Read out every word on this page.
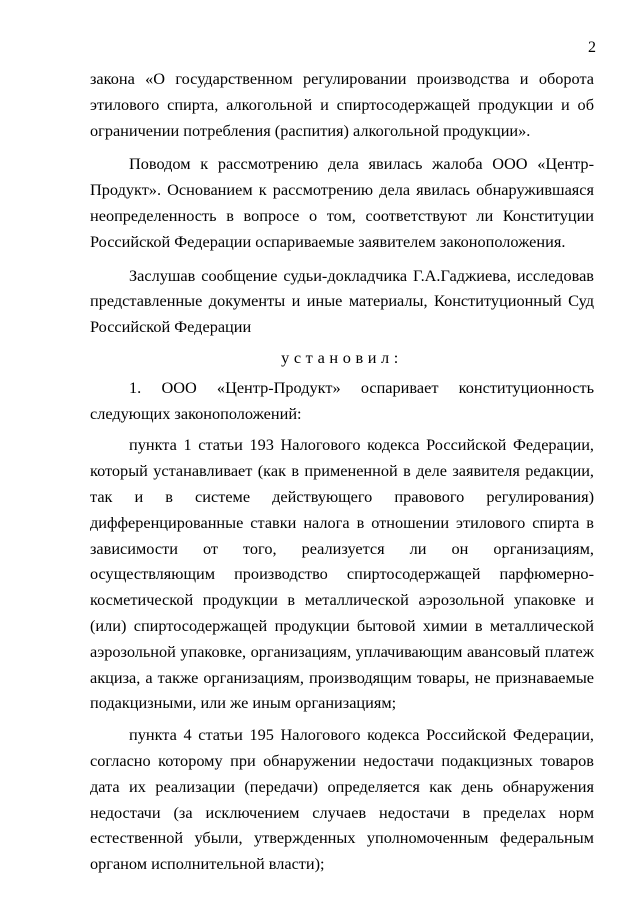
2

закона «О государственном регулировании производства и оборота этилового спирта, алкогольной и спиртосодержащей продукции и об ограничении потребления (распития) алкогольной продукции».

Поводом к рассмотрению дела явилась жалоба ООО «Центр-Продукт». Основанием к рассмотрению дела явилась обнаружившаяся неопределенность в вопросе о том, соответствуют ли Конституции Российской Федерации оспариваемые заявителем законоположения.

Заслушав сообщение судьи-докладчика Г.А.Гаджиева, исследовав представленные документы и иные материалы, Конституционный Суд Российской Федерации

установил:

1. ООО «Центр-Продукт» оспаривает конституционность следующих законоположений:

пункта 1 статьи 193 Налогового кодекса Российской Федерации, который устанавливает (как в примененной в деле заявителя редакции, так и в системе действующего правового регулирования) дифференцированные ставки налога в отношении этилового спирта в зависимости от того, реализуется ли он организациям, осуществляющим производство спиртосодержащей парфюмерно-косметической продукции в металлической аэрозольной упаковке и (или) спиртосодержащей продукции бытовой химии в металлической аэрозольной упаковке, организациям, уплачивающим авансовый платеж акциза, а также организациям, производящим товары, не признаваемые подакцизными, или же иным организациям;

пункта 4 статьи 195 Налогового кодекса Российской Федерации, согласно которому при обнаружении недостачи подакцизных товаров дата их реализации (передачи) определяется как день обнаружения недостачи (за исключением случаев недостачи в пределах норм естественной убыли, утвержденных уполномоченным федеральным органом исполнительной власти);
